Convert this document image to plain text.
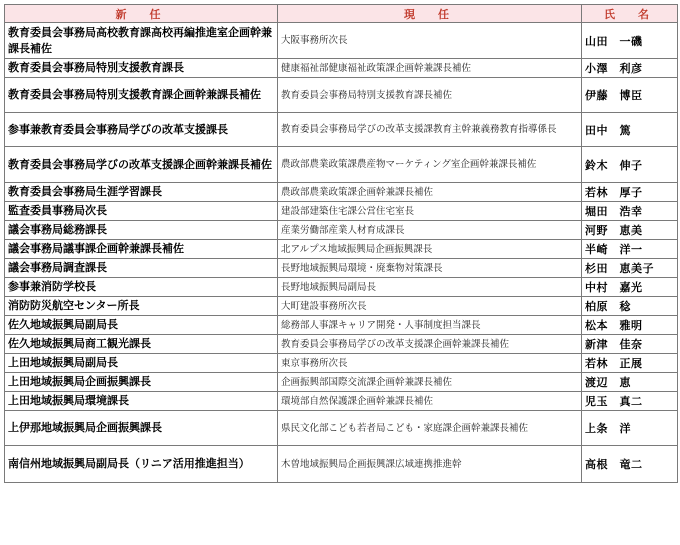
新　任	現　任	氏　名
教育委員会事務局高校教育課高校再編推進室企画幹兼課長補佐	大阪事務所次長	山田　一磯
教育委員会事務局特別支援教育課長	健康福祉部健康福祉政策課企画幹兼課長補佐	小澤　利彦
教育委員会事務局特別支援教育課企画幹兼課長補佐	教育委員会事務局特別支援教育課長補佐	伊藤　博臣
参事兼教育委員会事務局学びの改革支援課長	教育委員会事務局学びの改革支援課教育主幹兼義務教育指導係長	田中　篤
教育委員会事務局学びの改革支援課企画幹兼課長補佐	農政部農業政策課農産物マーケティング室企画幹兼課長補佐	鈴木　伸子
教育委員会事務局生涯学習課長	農政部農業政策課企画幹兼課長補佐	若林　厚子
監査委員事務局次長	建設部建築住宅課公営住宅室長	堀田　浩幸
議会事務局総務課長	産業労働部産業人材育成課長	河野　恵美
議会事務局議事課企画幹兼課長補佐	北アルプス地域振興局企画振興課長	半崎　洋一
議会事務局調査課長	長野地域振興局環境・廃棄物対策課長	杉田　恵美子
参事兼消防学校長	長野地域振興局副局長	中村　嘉光
消防防災航空センター所長	大町建設事務所次長	柏原　稔
佐久地域振興局副局長	総務部人事課キャリア開発・人事制度担当課長	松本　雅明
佐久地域振興局商工観光課長	教育委員会事務局学びの改革支援課企画幹兼課長補佐	新津　佳奈
上田地域振興局副局長	東京事務所次長	若林　正展
上田地域振興局企画振興課長	企画振興部国際交流課企画幹兼課長補佐	渡辺　恵
上田地域振興局環境課長	環境部自然保護課企画幹兼課長補佐	児玉　真二
上伊那地域振興局企画振興課長	県民文化部こども若者局こども・家庭課企画幹兼課長補佐	上条　洋
南信州地域振興局副局長（リニア活用推進担当）	木曽地域振興局企画振興課広域連携推進幹	高根　竜二
